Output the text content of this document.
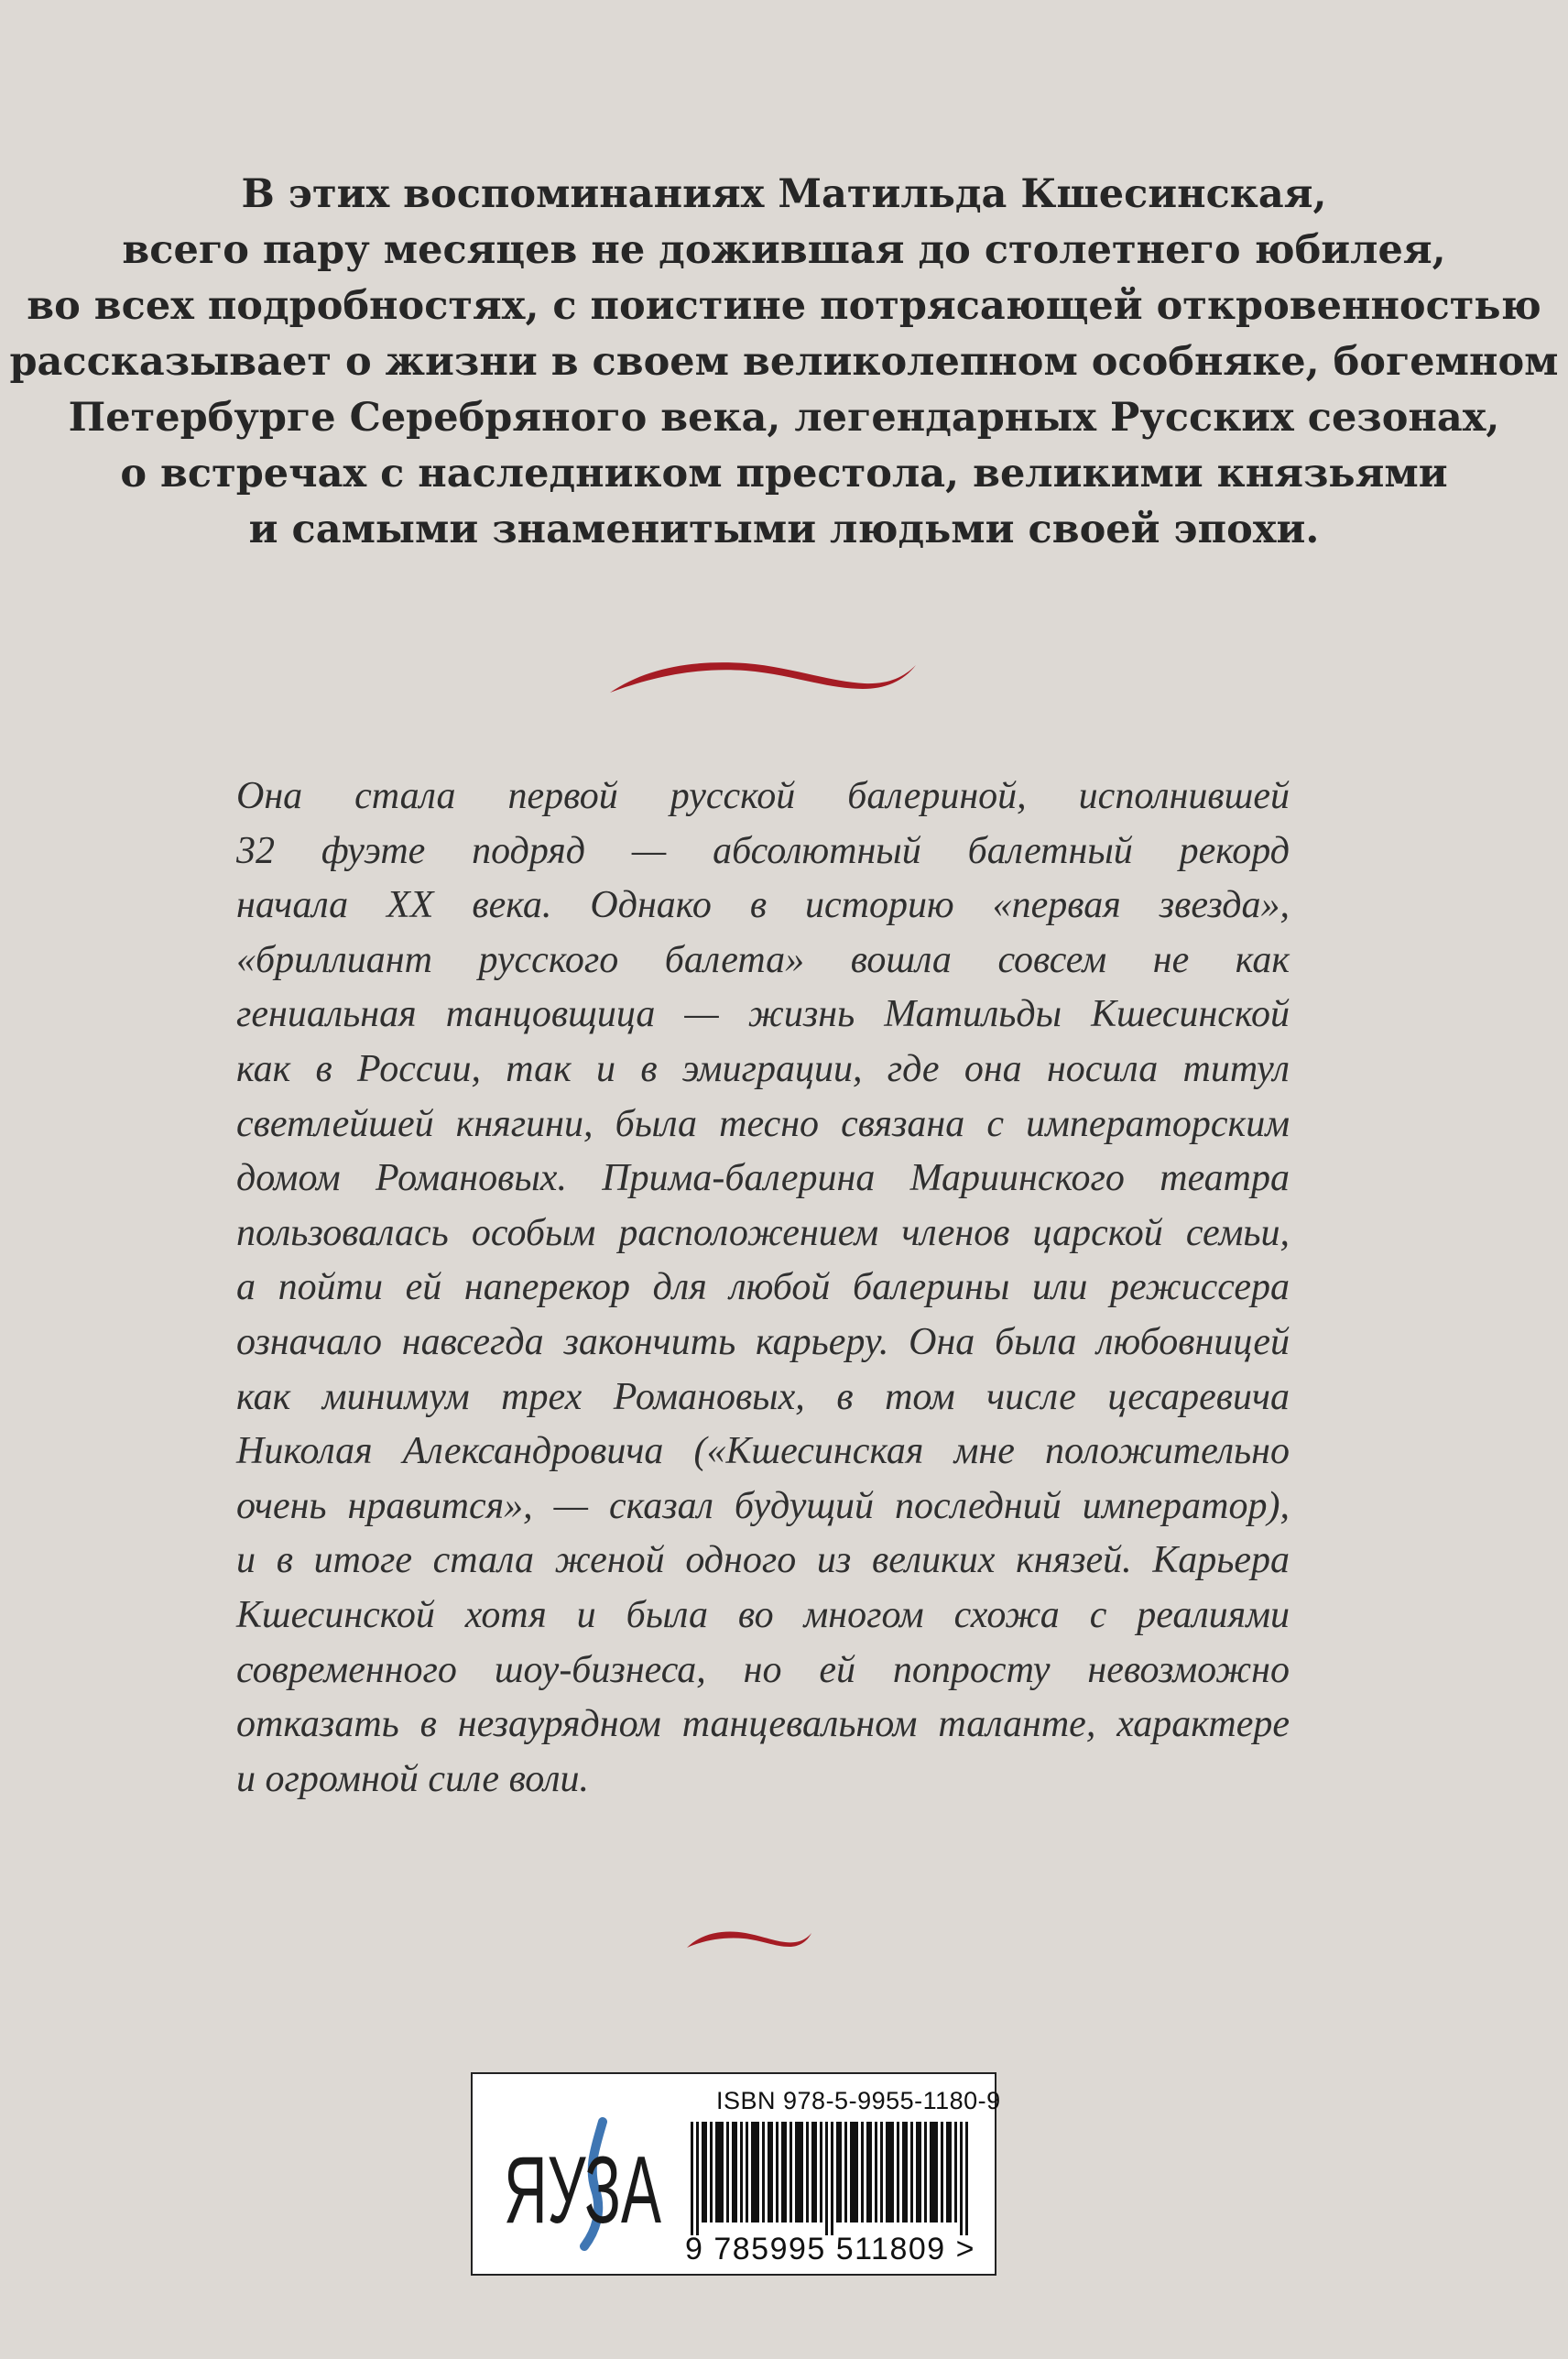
В этих воспоминаниях Матильда Кшесинская,
всего пару месяцев не дожившая до столетнего юбилея,
во всех подробностях, с поистине потрясающей откровенностью
рассказывает о жизни в своем великолепном особняке, богемном
Петербурге Серебряного века, легендарных Русских сезонах,
о встречах с наследником престола, великими князьями
и самыми знаменитыми людьми своей эпохи.
Она стала первой русской балериной, исполнившей
32 фуэте подряд — абсолютный балетный рекорд
начала XX века. Однако в историю «первая звезда»,
«бриллиант русского балета» вошла совсем не как
гениальная танцовщица — жизнь Матильды Кшесинской
как в России, так и в эмиграции, где она носила титул
светлейшей княгини, была тесно связана с императорским
домом Романовых. Прима-балерина Мариинского театра
пользовалась особым расположением членов царской семьи,
а пойти ей наперекор для любой балерины или режиссера
означало навсегда закончить карьеру. Она была любовницей
как минимум трех Романовых, в том числе цесаревича
Николая Александровича («Кшесинская мне положительно
очень нравится», — сказал будущий последний император),
и в итоге стала женой одного из великих князей. Карьера
Кшесинской хотя и была во многом схожа с реалиями
современного шоу-бизнеса, но ей попросту невозможно
отказать в незаурядном танцевальном таланте, характере
и огромной силе воли.
ЯУЗА
ISBN 978-5-9955-1180-9
9 785995 511809 >
